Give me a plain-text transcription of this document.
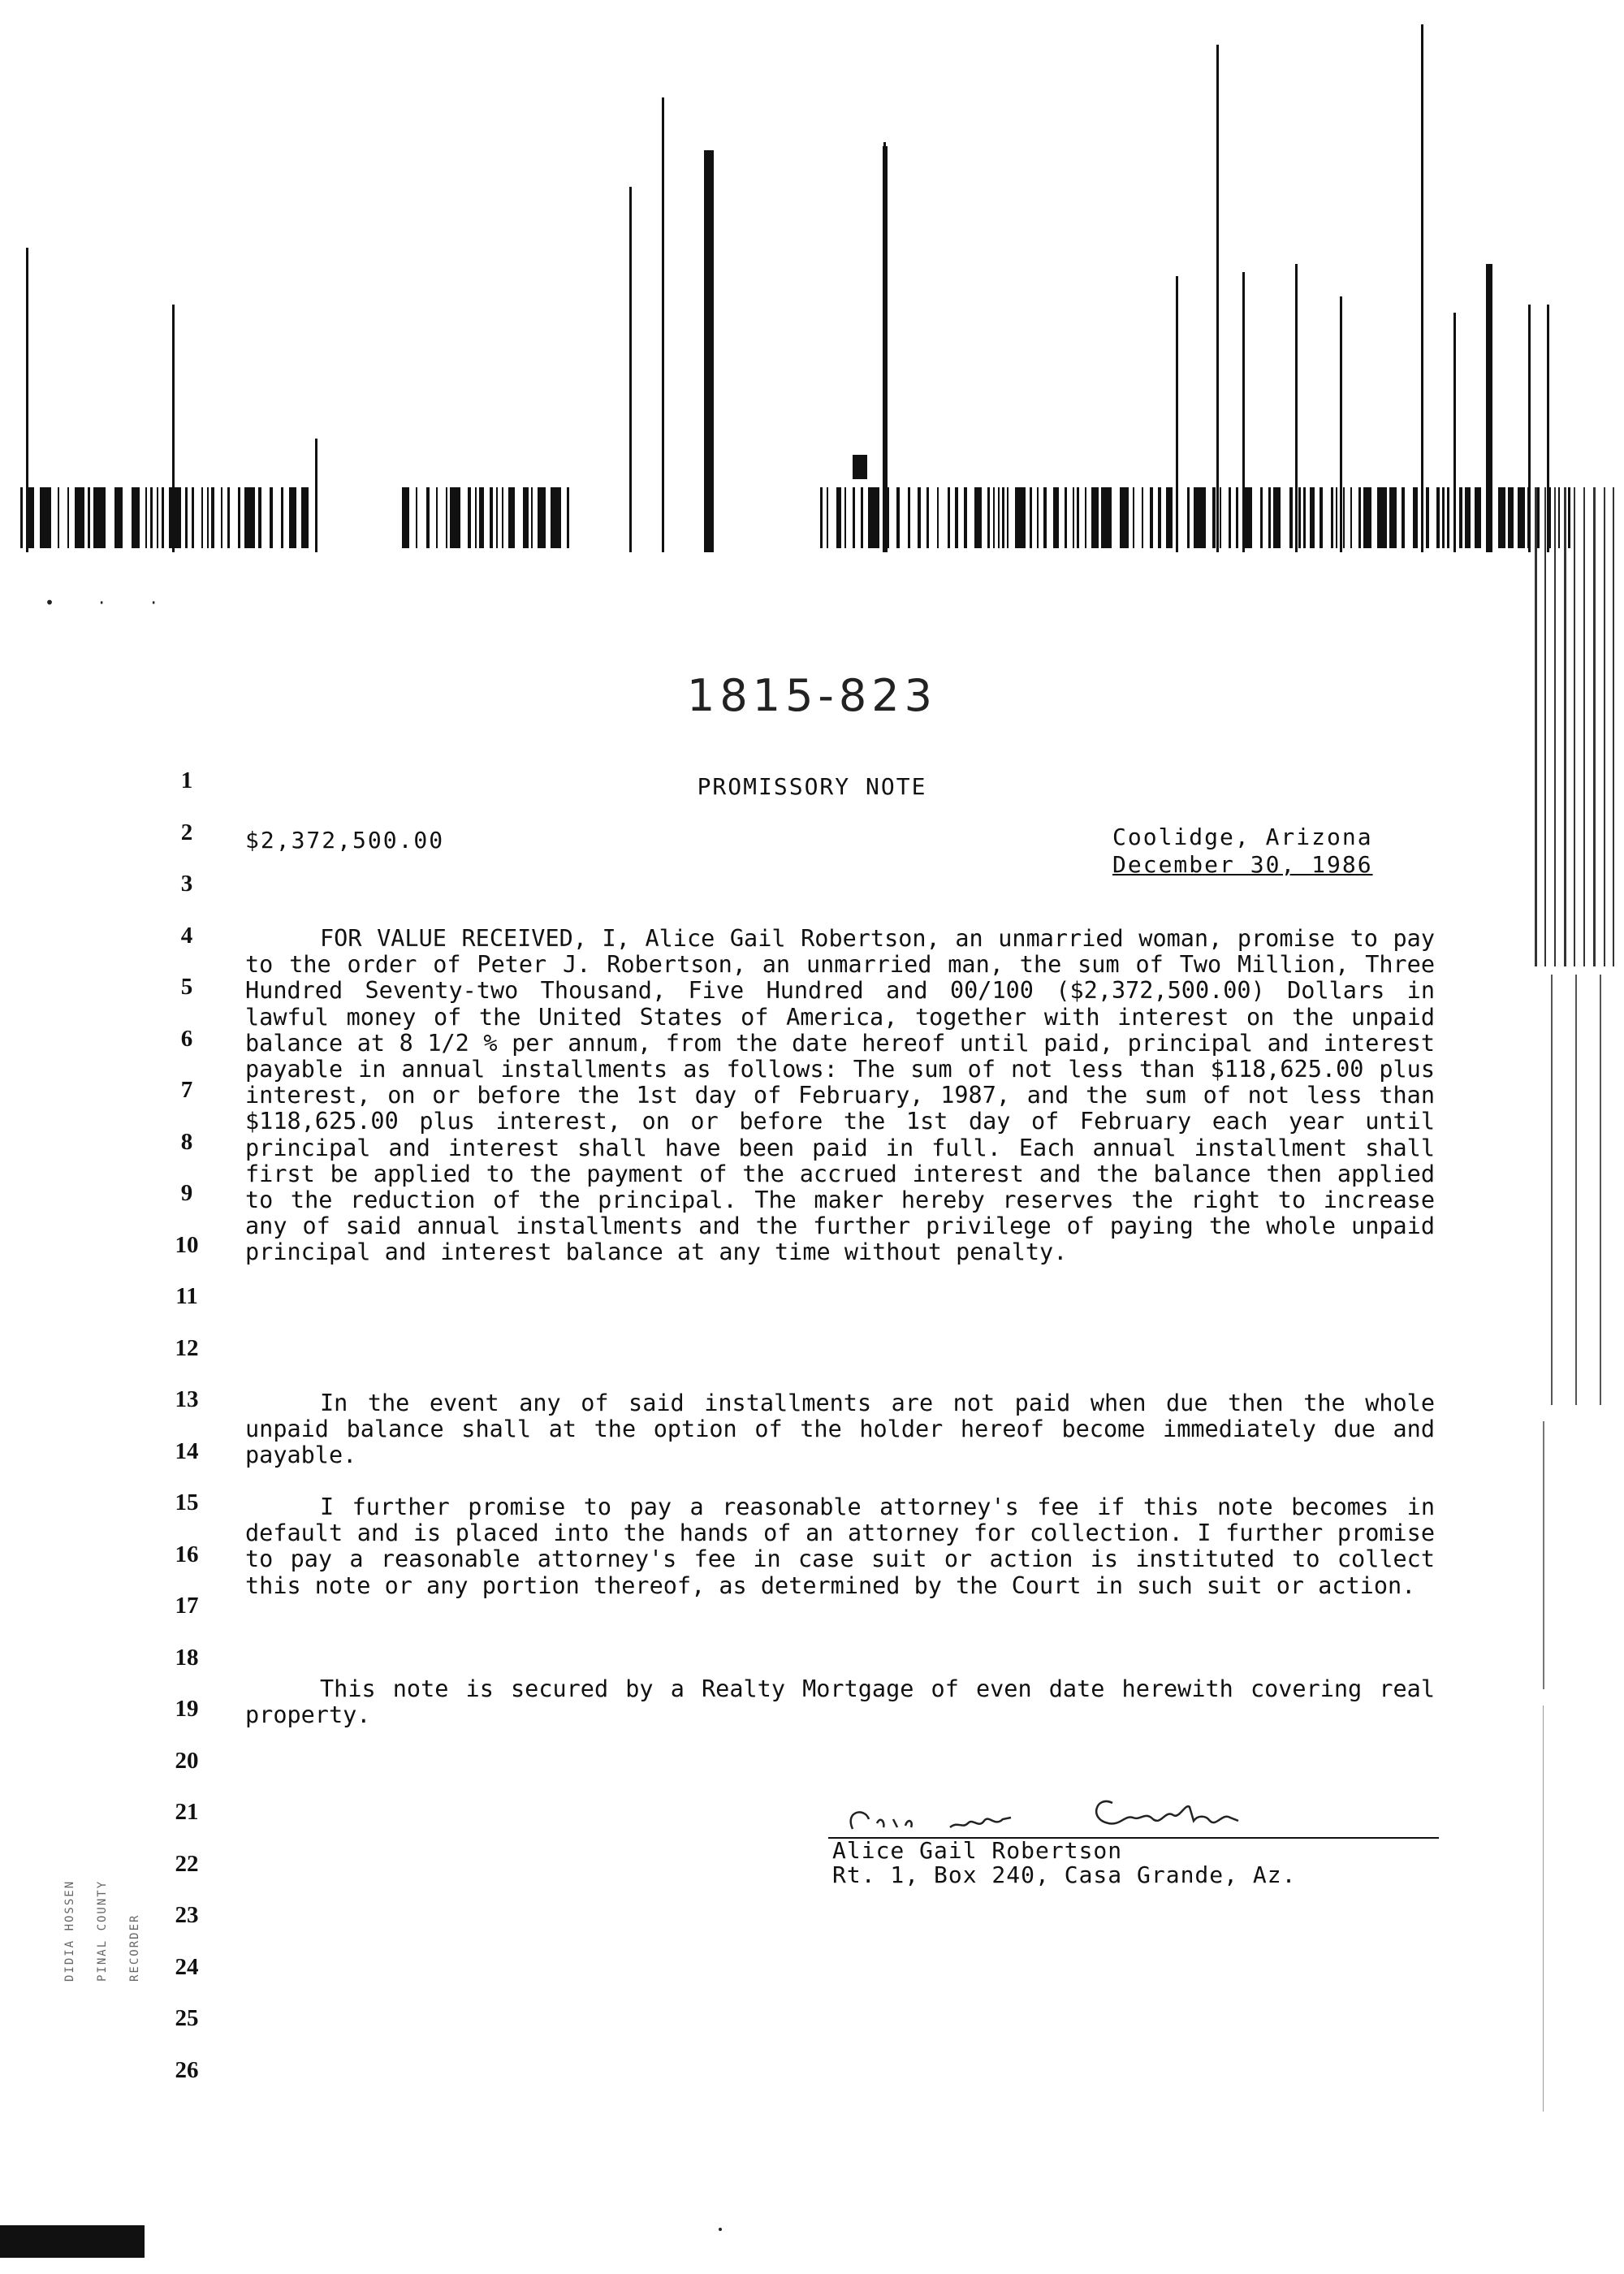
• · ·
1815-823
1
2
3
4
5
6
7
8
9
10
11
12
13
14
15
16
17
18
19
20
21
22
23
24
25
26
PROMISSORY NOTE
$2,372,500.00	Coolidge, Arizona
December 30, 1986

FOR VALUE RECEIVED, I, Alice Gail Robertson, an unmarried woman, promise to pay to the order of Peter J. Robertson, an unmarried man, the sum of Two Million, Three Hundred Seventy-two Thousand, Five Hundred and 00/100 ($2,372,500.00) Dollars in lawful money of the United States of America, together with interest on the unpaid balance at 8 1/2 % per annum, from the date hereof until paid, principal and interest payable in annual installments as follows: The sum of not less than $118,625.00 plus interest, on or before the 1st day of February, 1987, and the sum of not less than $118,625.00 plus interest, on or before the 1st day of February each year until principal and interest shall have been paid in full. Each annual installment shall first be applied to the payment of the accrued interest and the balance then applied to the reduction of the principal. The maker hereby reserves the right to increase any of said annual installments and the further privilege of paying the whole unpaid principal and interest balance at any time without penalty.

In the event any of said installments are not paid when due then the whole unpaid balance shall at the option of the holder hereof become immediately due and payable.

I further promise to pay a reasonable attorney's fee if this note becomes in default and is placed into the hands of an attorney for collection. I further promise to pay a reasonable attorney's fee in case suit or action is instituted to collect this note or any portion thereof, as determined by the Court in such suit or action.

This note is secured by a Realty Mortgage of even date herewith covering real property.

Alice Gail Robertson
Rt. 1, Box 240, Casa Grande, Az.
DIDIA HOSSEN PINAL COUNTY RECORDER
